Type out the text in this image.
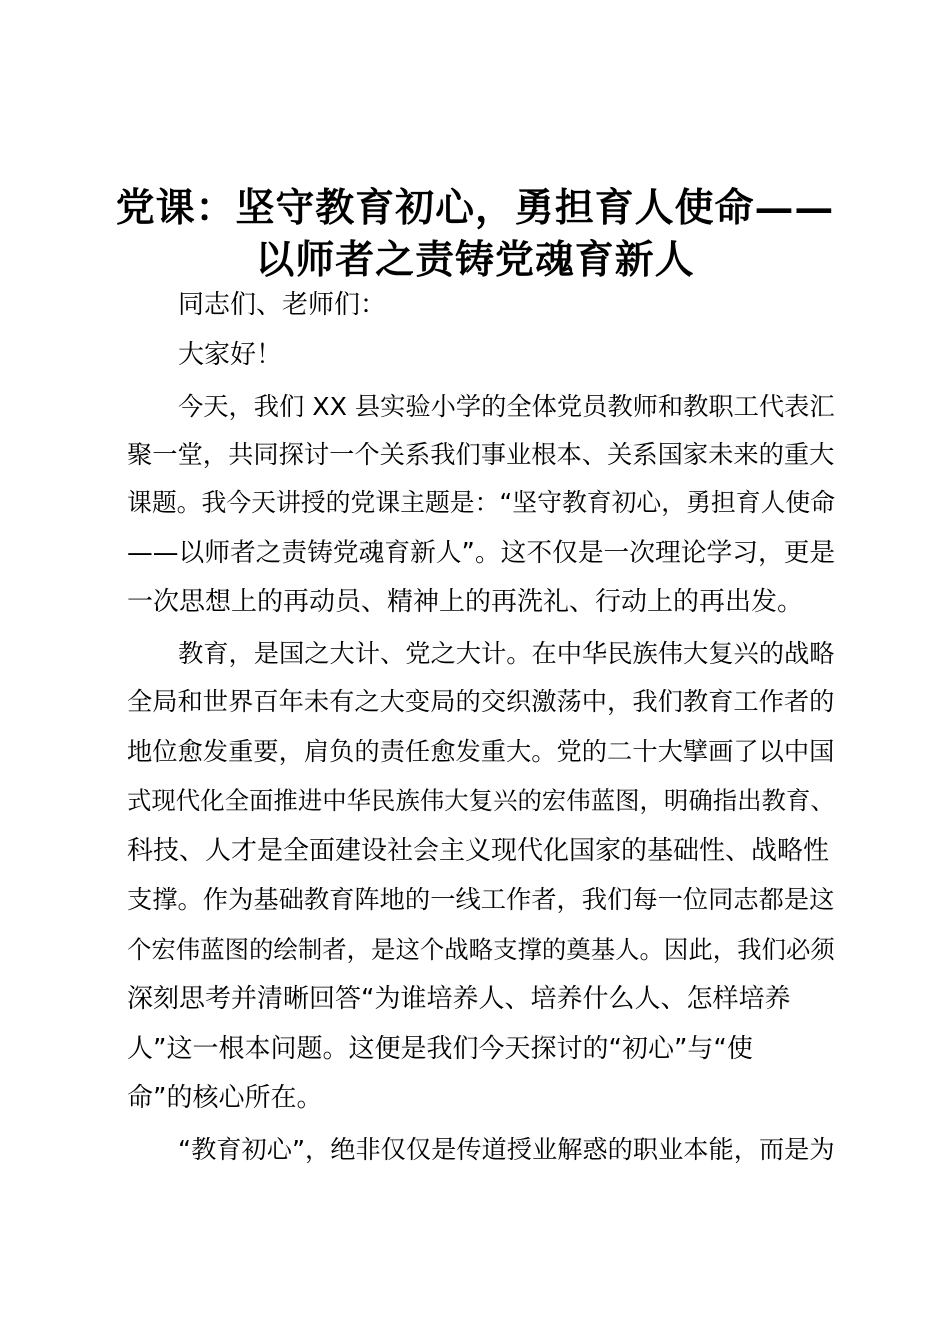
党课：坚守教育初心，勇担育人使命——
以师者之责铸党魂育新人
同志们、老师们：
大家好！
今天，我们 XX 县实验小学的全体党员教师和教职工代表汇
聚一堂，共同探讨一个关系我们事业根本、关系国家未来的重大
课题。我今天讲授的党课主题是：“坚守教育初心，勇担育人使命
——以师者之责铸党魂育新人”。这不仅是一次理论学习，更是
一次思想上的再动员、精神上的再洗礼、行动上的再出发。
教育，是国之大计、党之大计。在中华民族伟大复兴的战略
全局和世界百年未有之大变局的交织激荡中，我们教育工作者的
地位愈发重要，肩负的责任愈发重大。党的二十大擘画了以中国
式现代化全面推进中华民族伟大复兴的宏伟蓝图，明确指出教育、
科技、人才是全面建设社会主义现代化国家的基础性、战略性
支撑。作为基础教育阵地的一线工作者，我们每一位同志都是这
个宏伟蓝图的绘制者，是这个战略支撑的奠基人。因此，我们必须
深刻思考并清晰回答“为谁培养人、培养什么人、怎样培养
人”这一根本问题。这便是我们今天探讨的“初心”与“使
命”的核心所在。
“教育初心”，绝非仅仅是传道授业解惑的职业本能，而是为
